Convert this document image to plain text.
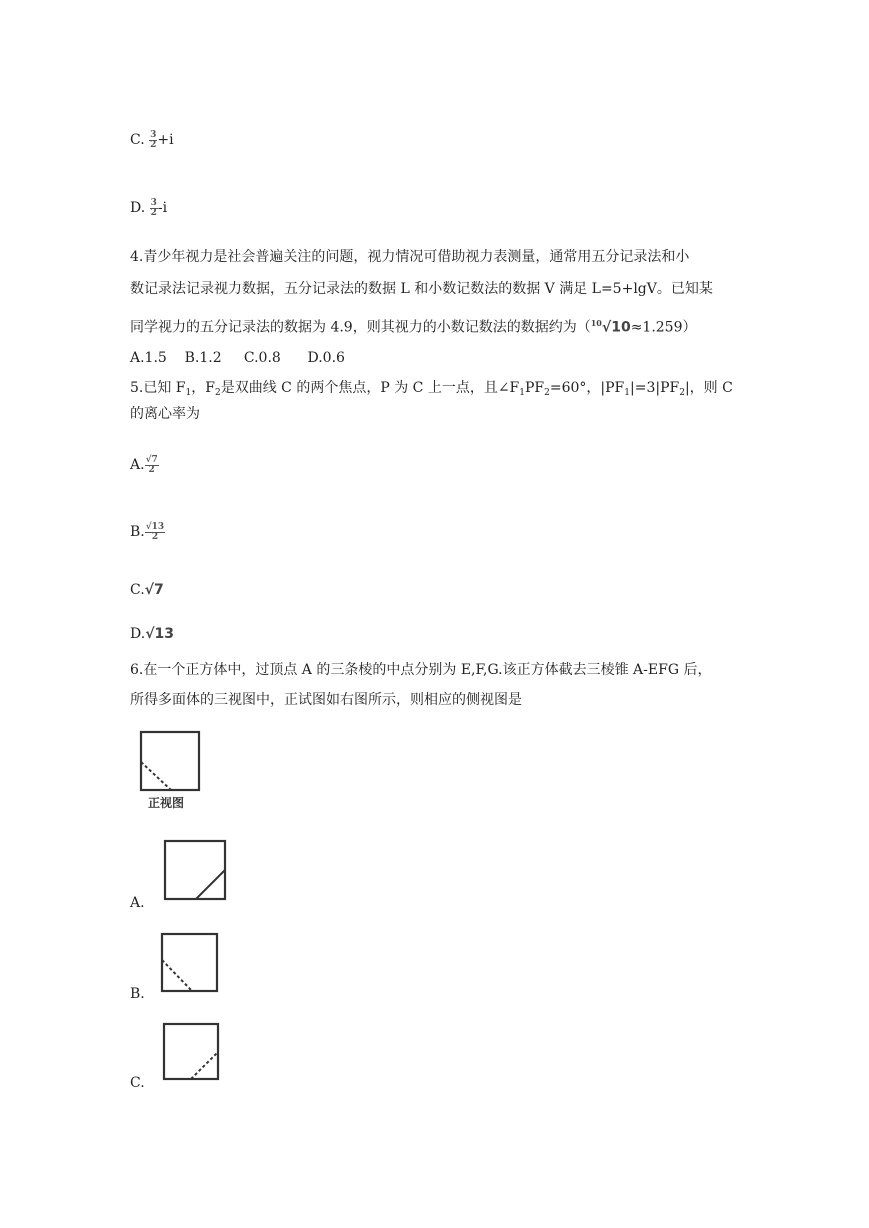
C. $\frac{3}{2} +i$
D. $\frac{3}{2} -i$
4.青少年视力是社会普遍关注的问题，视力情况可借助视力表测量，通常用五分记录法和小
数记录法记录视力数据，五分记录法的数据 L 和小数记数法的数据 V 满足 L=5+lgV。已知某
同学视力的五分记录法的数据为 4.9，则其视力的小数记数法的数据约为（$^{10}$√10≈1.259）
A.1.5    B.1.2     C.0.8      D.0.6
5.已知 $F_1$，$F_2$是双曲线 C 的两个焦点，P 为 C 上一点，且$\angle F_1PF_2=60^\circ$，$|PF_1|=3|PF_2|$，则 C
的离心率为
A. $\frac{√7}{2}$
B. $\frac{√13}{2}$
C.√7
D.√13
6.在一个正方体中，过顶点 A 的三条棱的中点分别为 E,F,G.该正方体截去三棱锥 A-EFG 后，
所得多面体的三视图中，正试图如右图所示，则相应的侧视图是
正视图
A.
B.
C.
